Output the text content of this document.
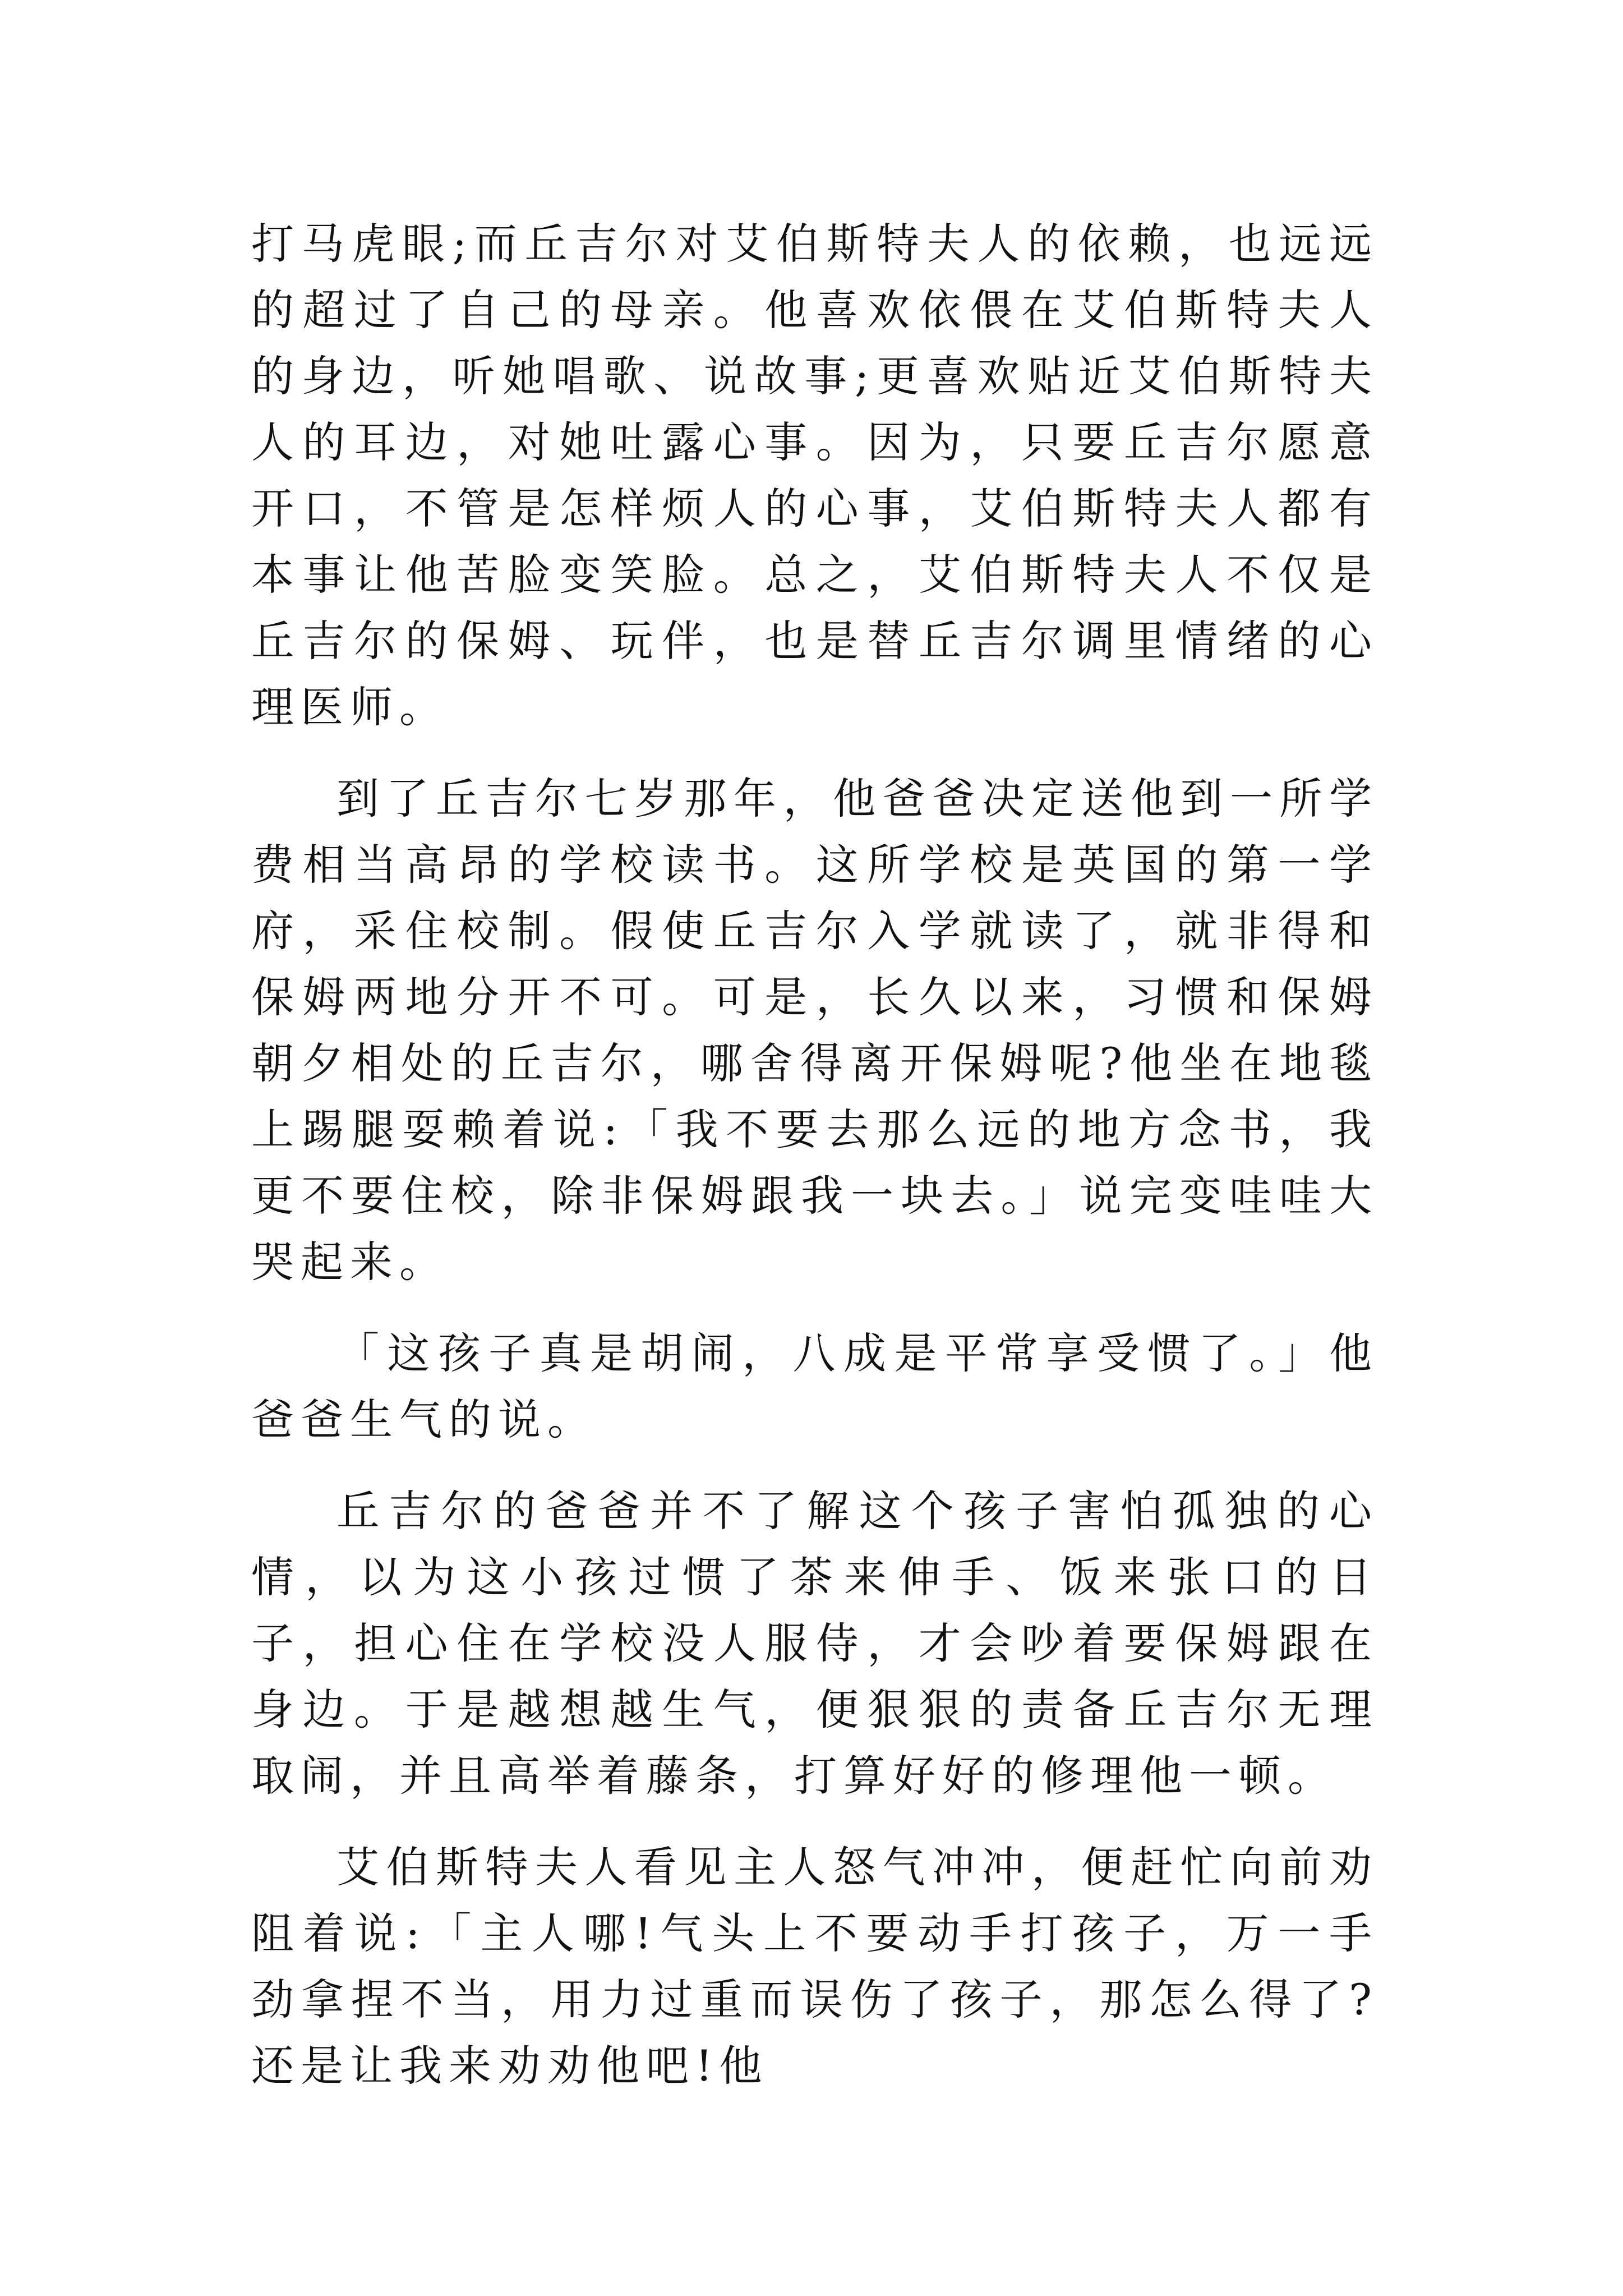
打马虎眼;而丘吉尔对艾伯斯特夫人的依赖，也远远的超过了自己的母亲。他喜欢依偎在艾伯斯特夫人的身边，听她唱歌、说故事;更喜欢贴近艾伯斯特夫人的耳边，对她吐露心事。因为，只要丘吉尔愿意开口，不管是怎样烦人的心事，艾伯斯特夫人都有本事让他苦脸变笑脸。总之，艾伯斯特夫人不仅是丘吉尔的保姆、玩伴，也是替丘吉尔调里情绪的心理医师。

到了丘吉尔七岁那年，他爸爸决定送他到一所学费相当高昂的学校读书。这所学校是英国的第一学府，采住校制。假使丘吉尔入学就读了，就非得和保姆两地分开不可。可是，长久以来，习惯和保姆朝夕相处的丘吉尔，哪舍得离开保姆呢?他坐在地毯上踢腿耍赖着说:「我不要去那么远的地方念书，我更不要住校，除非保姆跟我一块去。」说完变哇哇大哭起来。

「这孩子真是胡闹，八成是平常享受惯了。」他爸爸生气的说。

丘吉尔的爸爸并不了解这个孩子害怕孤独的心情，以为这小孩过惯了茶来伸手、饭来张口的日子，担心住在学校没人服侍，才会吵着要保姆跟在身边。于是越想越生气，便狠狠的责备丘吉尔无理取闹，并且高举着藤条，打算好好的修理他一顿。

艾伯斯特夫人看见主人怒气冲冲，便赶忙向前劝阻着说:「主人哪!气头上不要动手打孩子，万一手劲拿捏不当，用力过重而误伤了孩子，那怎么得了?还是让我来劝劝他吧!他
